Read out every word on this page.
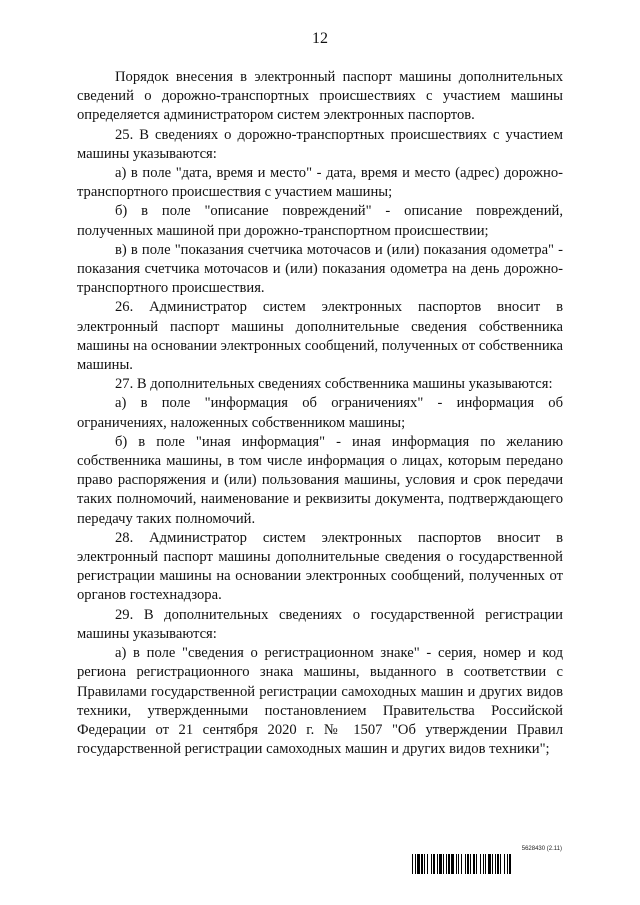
12

Порядок внесения в электронный паспорт машины дополнительных сведений о дорожно-транспортных происшествиях с участием машины определяется администратором систем электронных паспортов.

25. В сведениях о дорожно-транспортных происшествиях с участием машины указываются:

а) в поле "дата, время и место" - дата, время и место (адрес) дорожно-транспортного происшествия с участием машины;

б) в поле "описание повреждений" - описание повреждений, полученных машиной при дорожно-транспортном происшествии;

в) в поле "показания счетчика моточасов и (или) показания одометра" - показания счетчика моточасов и (или) показания одометра на день дорожно-транспортного происшествия.

26. Администратор систем электронных паспортов вносит в электронный паспорт машины дополнительные сведения собственника машины на основании электронных сообщений, полученных от собственника машины.

27. В дополнительных сведениях собственника машины указываются:

а) в поле "информация об ограничениях" - информация об ограничениях, наложенных собственником машины;

б) в поле "иная информация" - иная информация по желанию собственника машины, в том числе информация о лицах, которым передано право распоряжения и (или) пользования машины, условия и срок передачи таких полномочий, наименование и реквизиты документа, подтверждающего передачу таких полномочий.

28. Администратор систем электронных паспортов вносит в электронный паспорт машины дополнительные сведения о государственной регистрации машины на основании электронных сообщений, полученных от органов гостехнадзора.

29. В дополнительных сведениях о государственной регистрации машины указываются:

а) в поле "сведения о регистрационном знаке" - серия, номер и код региона регистрационного знака машины, выданного в соответствии с Правилами государственной регистрации самоходных машин и других видов техники, утвержденными постановлением Правительства Российской Федерации от 21 сентября 2020 г. № 1507 "Об утверждении Правил государственной регистрации самоходных машин и других видов техники";

5628430 (2.11)
